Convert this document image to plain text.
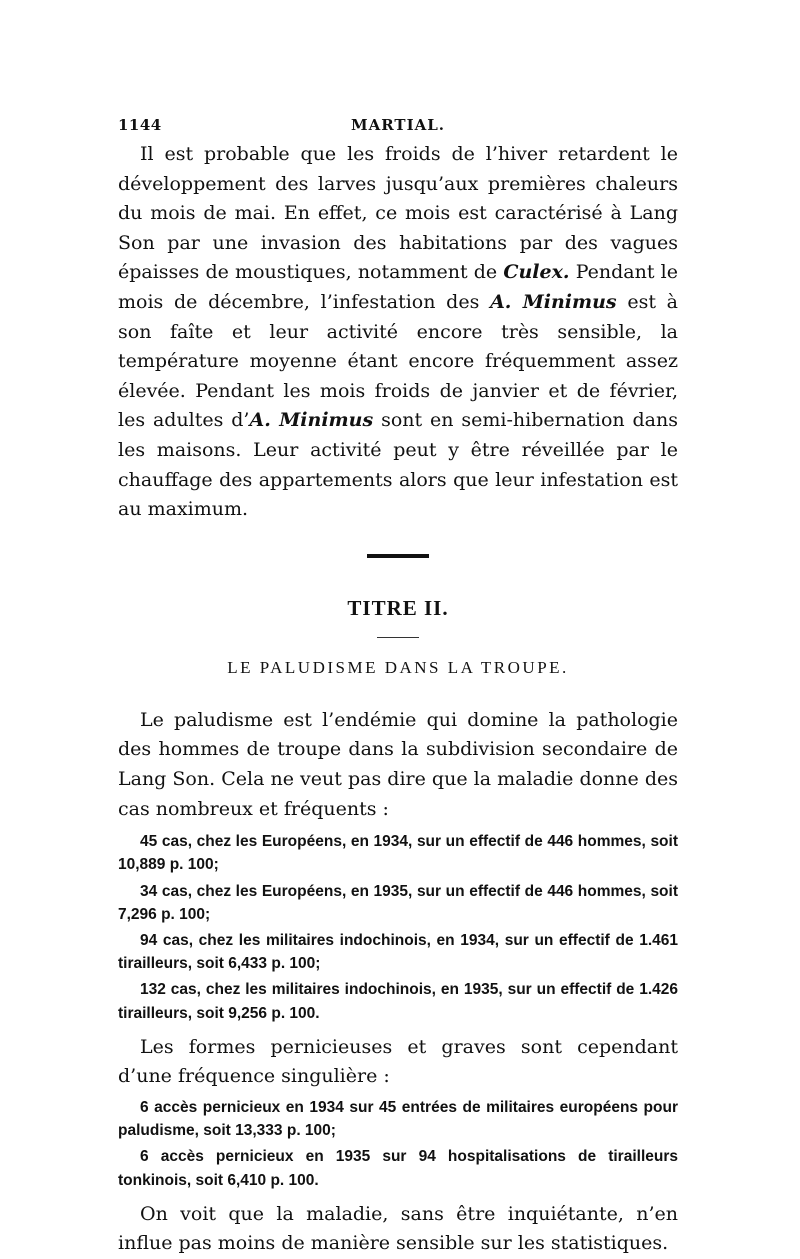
1144	MARTIAL.

Il est probable que les froids de l’hiver retardent le développement des larves jusqu’aux premières chaleurs du mois de mai. En effet, ce mois est caractérisé à Lang Son par une invasion des habitations par des vagues épaisses de moustiques, notamment de Culex. Pendant le mois de décembre, l’infestation des A. Minimus est à son faîte et leur activité encore très sensible, la température moyenne étant encore fréquemment assez élevée. Pendant les mois froids de janvier et de février, les adultes d’A. Minimus sont en semi-hibernation dans les maisons. Leur activité peut y être réveillée par le chauffage des appartements alors que leur infestation est au maximum.

TITRE II.
LE PALUDISME DANS LA TROUPE.

Le paludisme est l’endémie qui domine la pathologie des hommes de troupe dans la subdivision secondaire de Lang Son. Cela ne veut pas dire que la maladie donne des cas nombreux et fréquents :

45 cas, chez les Européens, en 1934, sur un effectif de 446 hommes, soit 10,889 p. 100;

34 cas, chez les Européens, en 1935, sur un effectif de 446 hommes, soit 7,296 p. 100;

94 cas, chez les militaires indochinois, en 1934, sur un effectif de 1.461 tirailleurs, soit 6,433 p. 100;

132 cas, chez les militaires indochinois, en 1935, sur un effectif de 1.426 tirailleurs, soit 9,256 p. 100.

Les formes pernicieuses et graves sont cependant d’une fréquence singulière :

6 accès pernicieux en 1934 sur 45 entrées de militaires européens pour paludisme, soit 13,333 p. 100;

6 accès pernicieux en 1935 sur 94 hospitalisations de tirailleurs tonkinois, soit 6,410 p. 100.

On voit que la maladie, sans être inquiétante, n’en influe pas moins de manière sensible sur les statistiques.
